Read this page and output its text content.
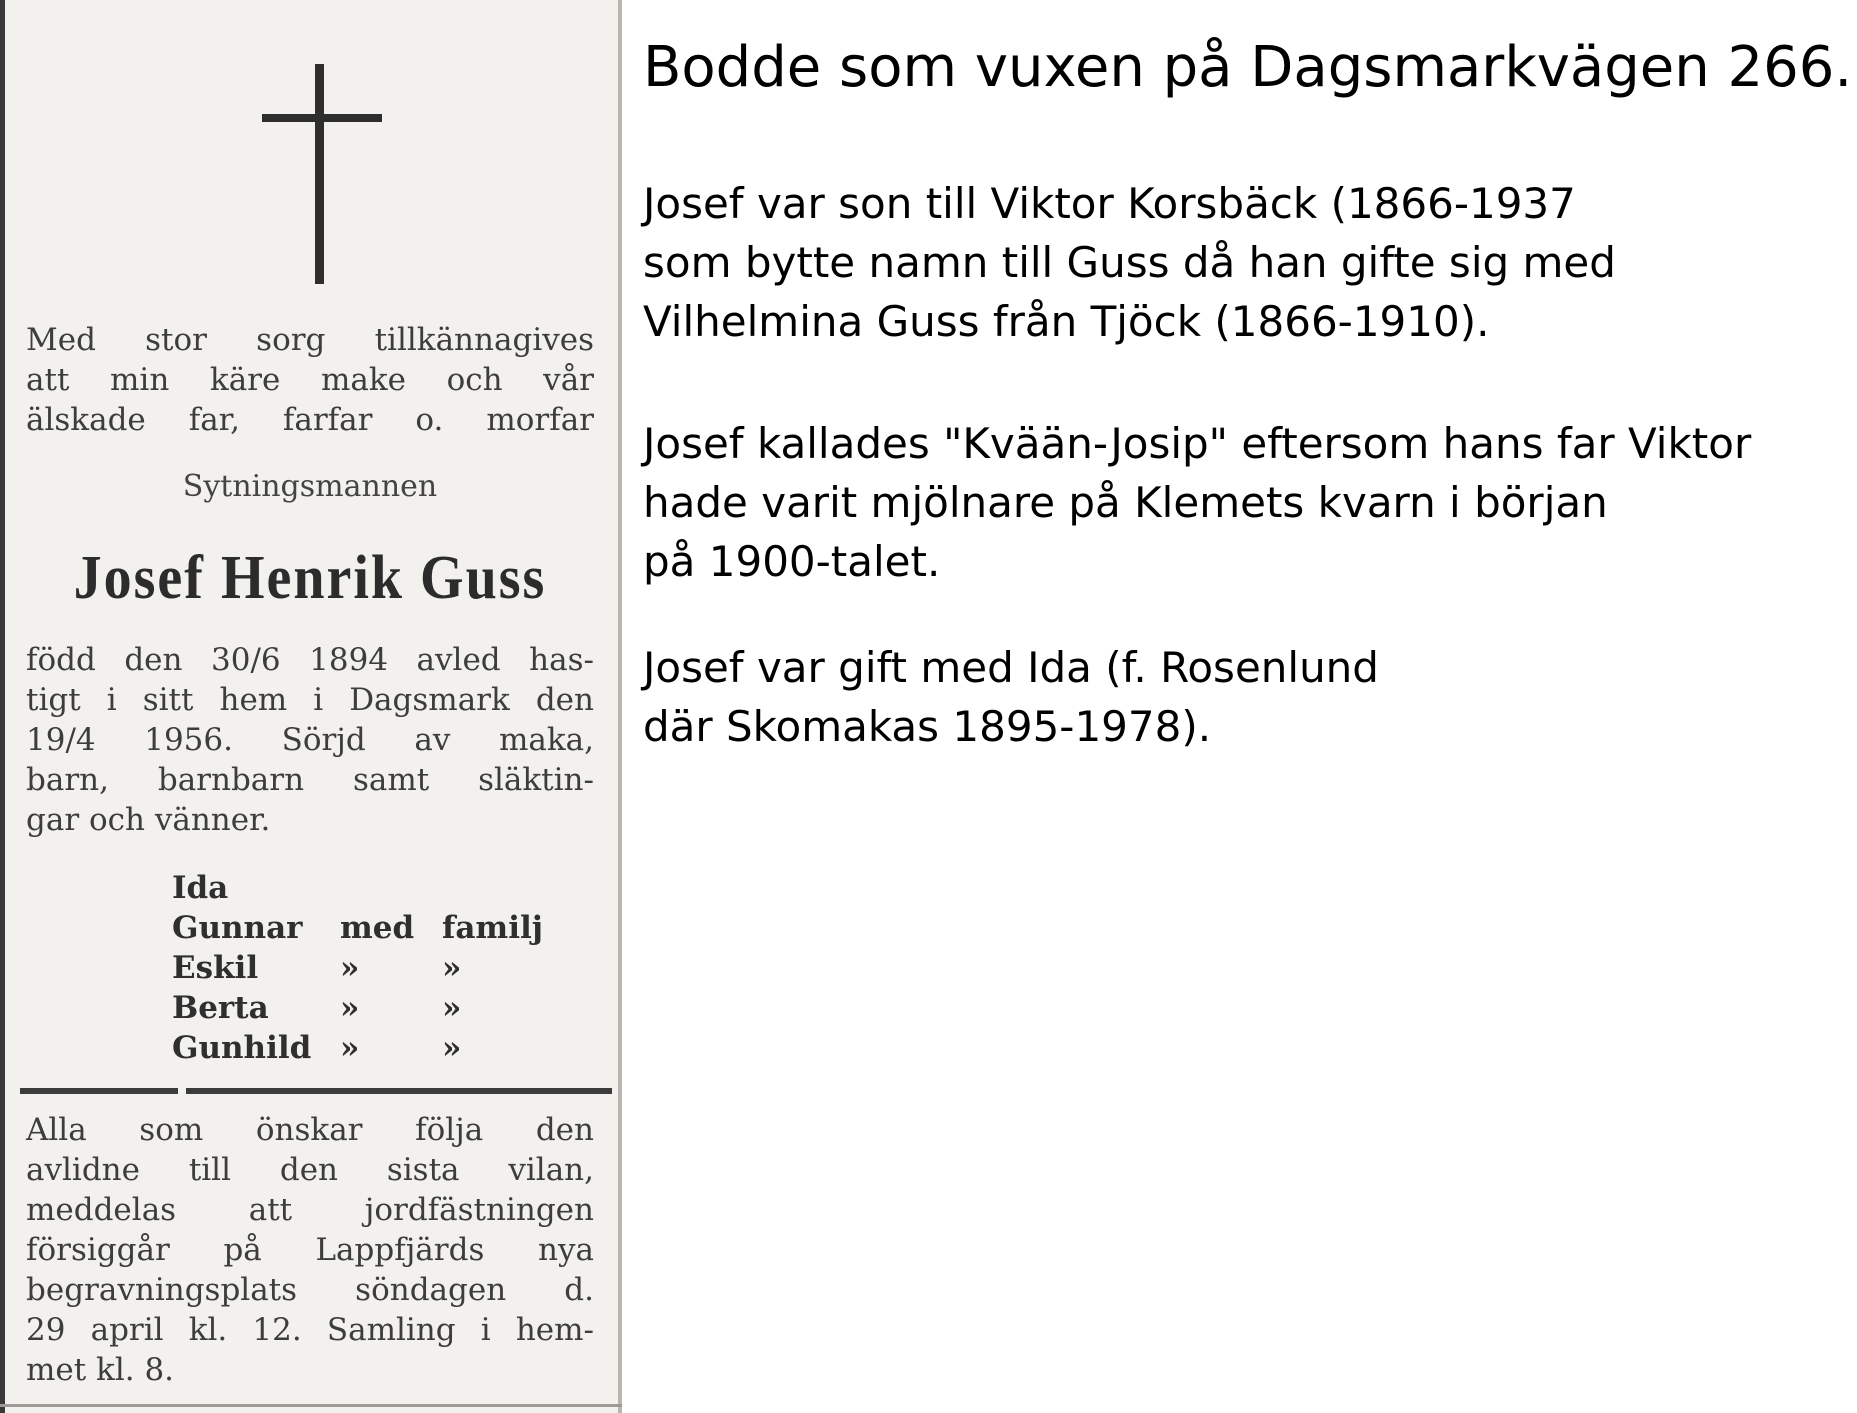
Med stor sorg tillkännagives
att min käre make och vår
älskade far, farfar o. morfar
Sytningsmannen
Josef Henrik Guss
född den 30/6 1894 avled has-
tigt i sitt hem i Dagsmark den
19/4 1956. Sörjd av maka,
barn, barnbarn samt släktin-
gar och vänner.
Ida
Gunnar med familj
Eskil	»	»
Berta »	»
Gunhild »	»
Alla som önskar följa den
avlidne till den sista vilan,
meddelas att jordfästningen
försiggår på Lappfjärds nya
begravningsplats söndagen d.
29 april kl. 12. Samling i hem-
met kl. 8.
Bodde som vuxen på Dagsmarkvägen 266.

Josef var son till Viktor Korsbäck (1866-1937
som bytte namn till Guss då han gifte sig med
Vilhelmina Guss från Tjöck (1866-1910).

Josef kallades "Kvään-Josip" eftersom hans far Viktor
hade varit mjölnare på Klemets kvarn i början
på 1900-talet.

Josef var gift med Ida (f. Rosenlund
där Skomakas 1895-1978).
